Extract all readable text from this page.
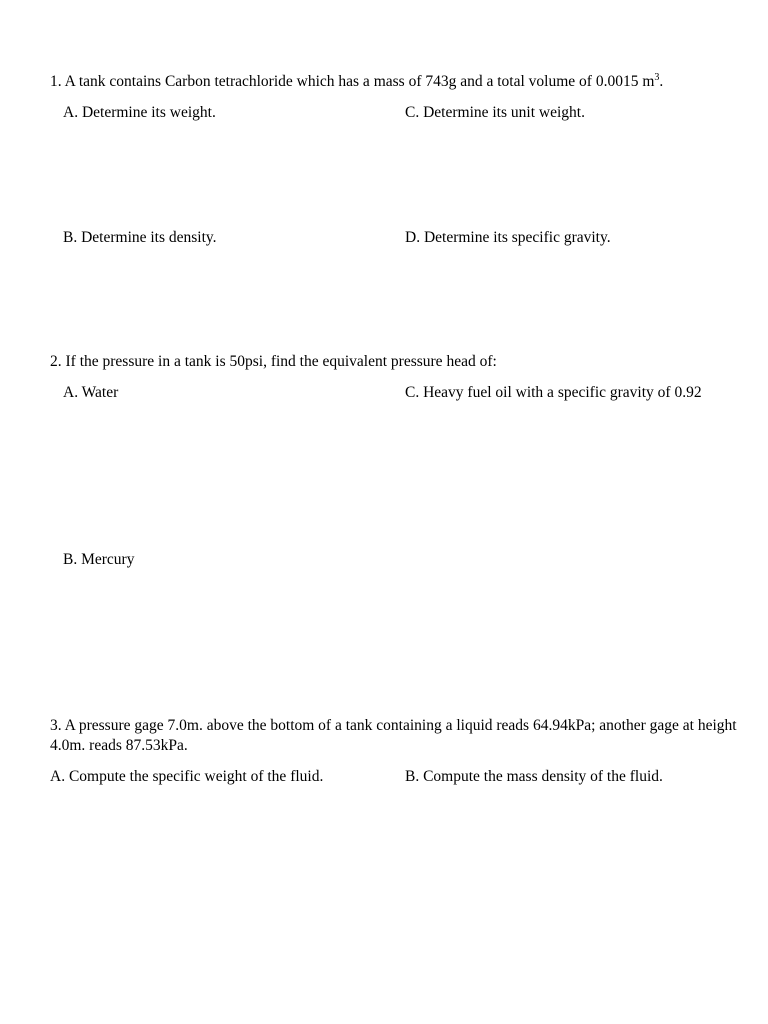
1. A tank contains Carbon tetrachloride which has a mass of 743g and a total volume of 0.0015 $m^3$.
A. Determine its weight.	C. Determine its unit weight.
B. Determine its density.	D. Determine its specific gravity.
2. If the pressure in a tank is 50psi, find the equivalent pressure head of:
A. Water	C. Heavy fuel oil with a specific gravity of 0.92
B. Mercury
3. A pressure gage 7.0m. above the bottom of a tank containing a liquid reads 64.94kPa; another gage at height 4.0m. reads 87.53kPa.
A. Compute the specific weight of the fluid.	B. Compute the mass density of the fluid.
